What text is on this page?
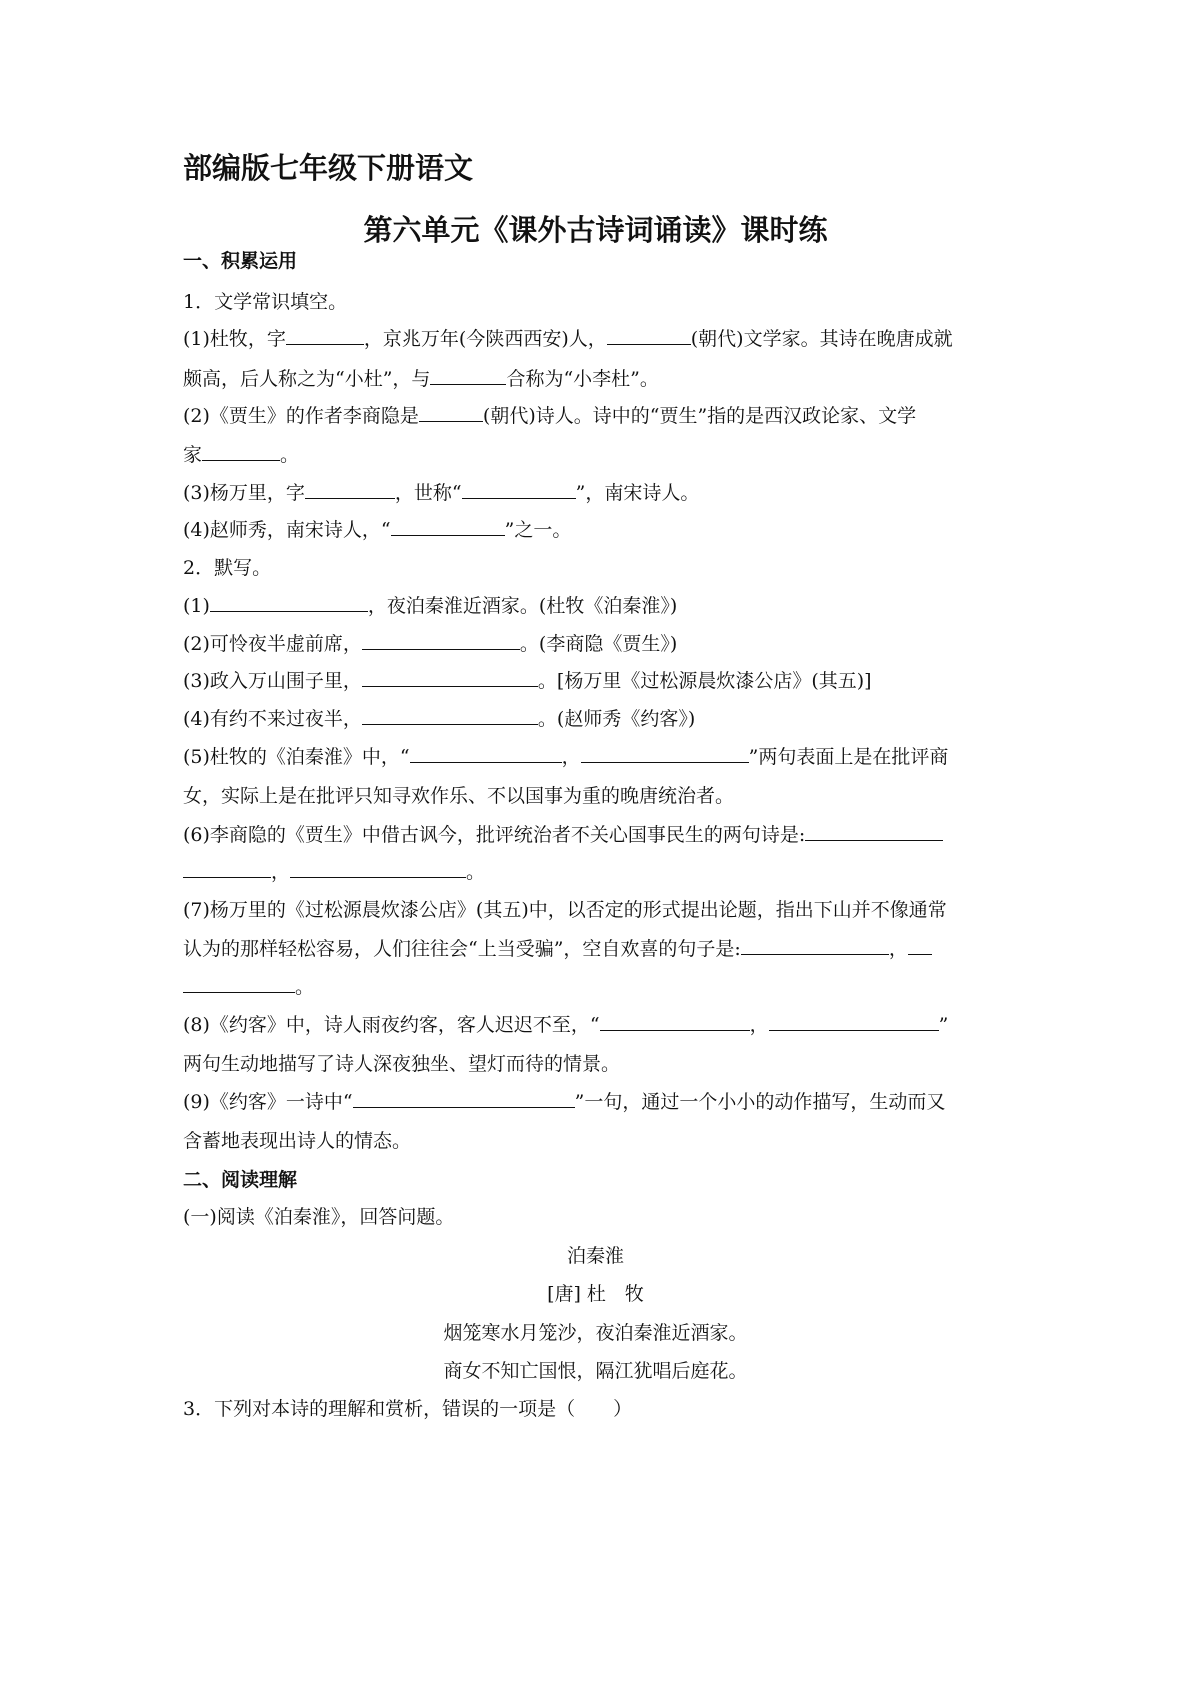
部编版七年级下册语文
第六单元《课外古诗词诵读》课时练
一、积累运用
1．文学常识填空。
(1)杜牧，字	，京兆万年(今陕西西安)人，	(朝代)文学家。其诗在晚唐成就
颇高，后人称之为“小杜”，与	合称为“小李杜”。
(2)《贾生》的作者李商隐是	(朝代)诗人。诗中的“贾生”指的是西汉政论家、文学
家	。
(3)杨万里，字	，世称“	”，南宋诗人。
(4)赵师秀，南宋诗人，“	”之一。
2．默写。
(1)	，夜泊秦淮近酒家。(杜牧《泊秦淮》)
(2)可怜夜半虚前席，	。(李商隐《贾生》)
(3)政入万山围子里，	。[杨万里《过松源晨炊漆公店》(其五)]
(4)有约不来过夜半，	。(赵师秀《约客》)
(5)杜牧的《泊秦淮》中，“	，	”两句表面上是在批评商
女，实际上是在批评只知寻欢作乐、不以国事为重的晚唐统治者。
(6)李商隐的《贾生》中借古讽今，批评统治者不关心国事民生的两句诗是:
，	。
(7)杨万里的《过松源晨炊漆公店》(其五)中，以否定的形式提出论题，指出下山并不像通常
认为的那样轻松容易，人们往往会“上当受骗”，空自欢喜的句子是:	，
。
(8)《约客》中，诗人雨夜约客，客人迟迟不至，“	，	”
两句生动地描写了诗人深夜独坐、望灯而待的情景。
(9)《约客》一诗中“	”一句，通过一个小小的动作描写，生动而又
含蓄地表现出诗人的情态。
二、阅读理解
(一)阅读《泊秦淮》，回答问题。
泊秦淮
[唐] 杜　牧
烟笼寒水月笼沙，夜泊秦淮近酒家。
商女不知亡国恨，隔江犹唱后庭花。
3．下列对本诗的理解和赏析，错误的一项是（　　）
